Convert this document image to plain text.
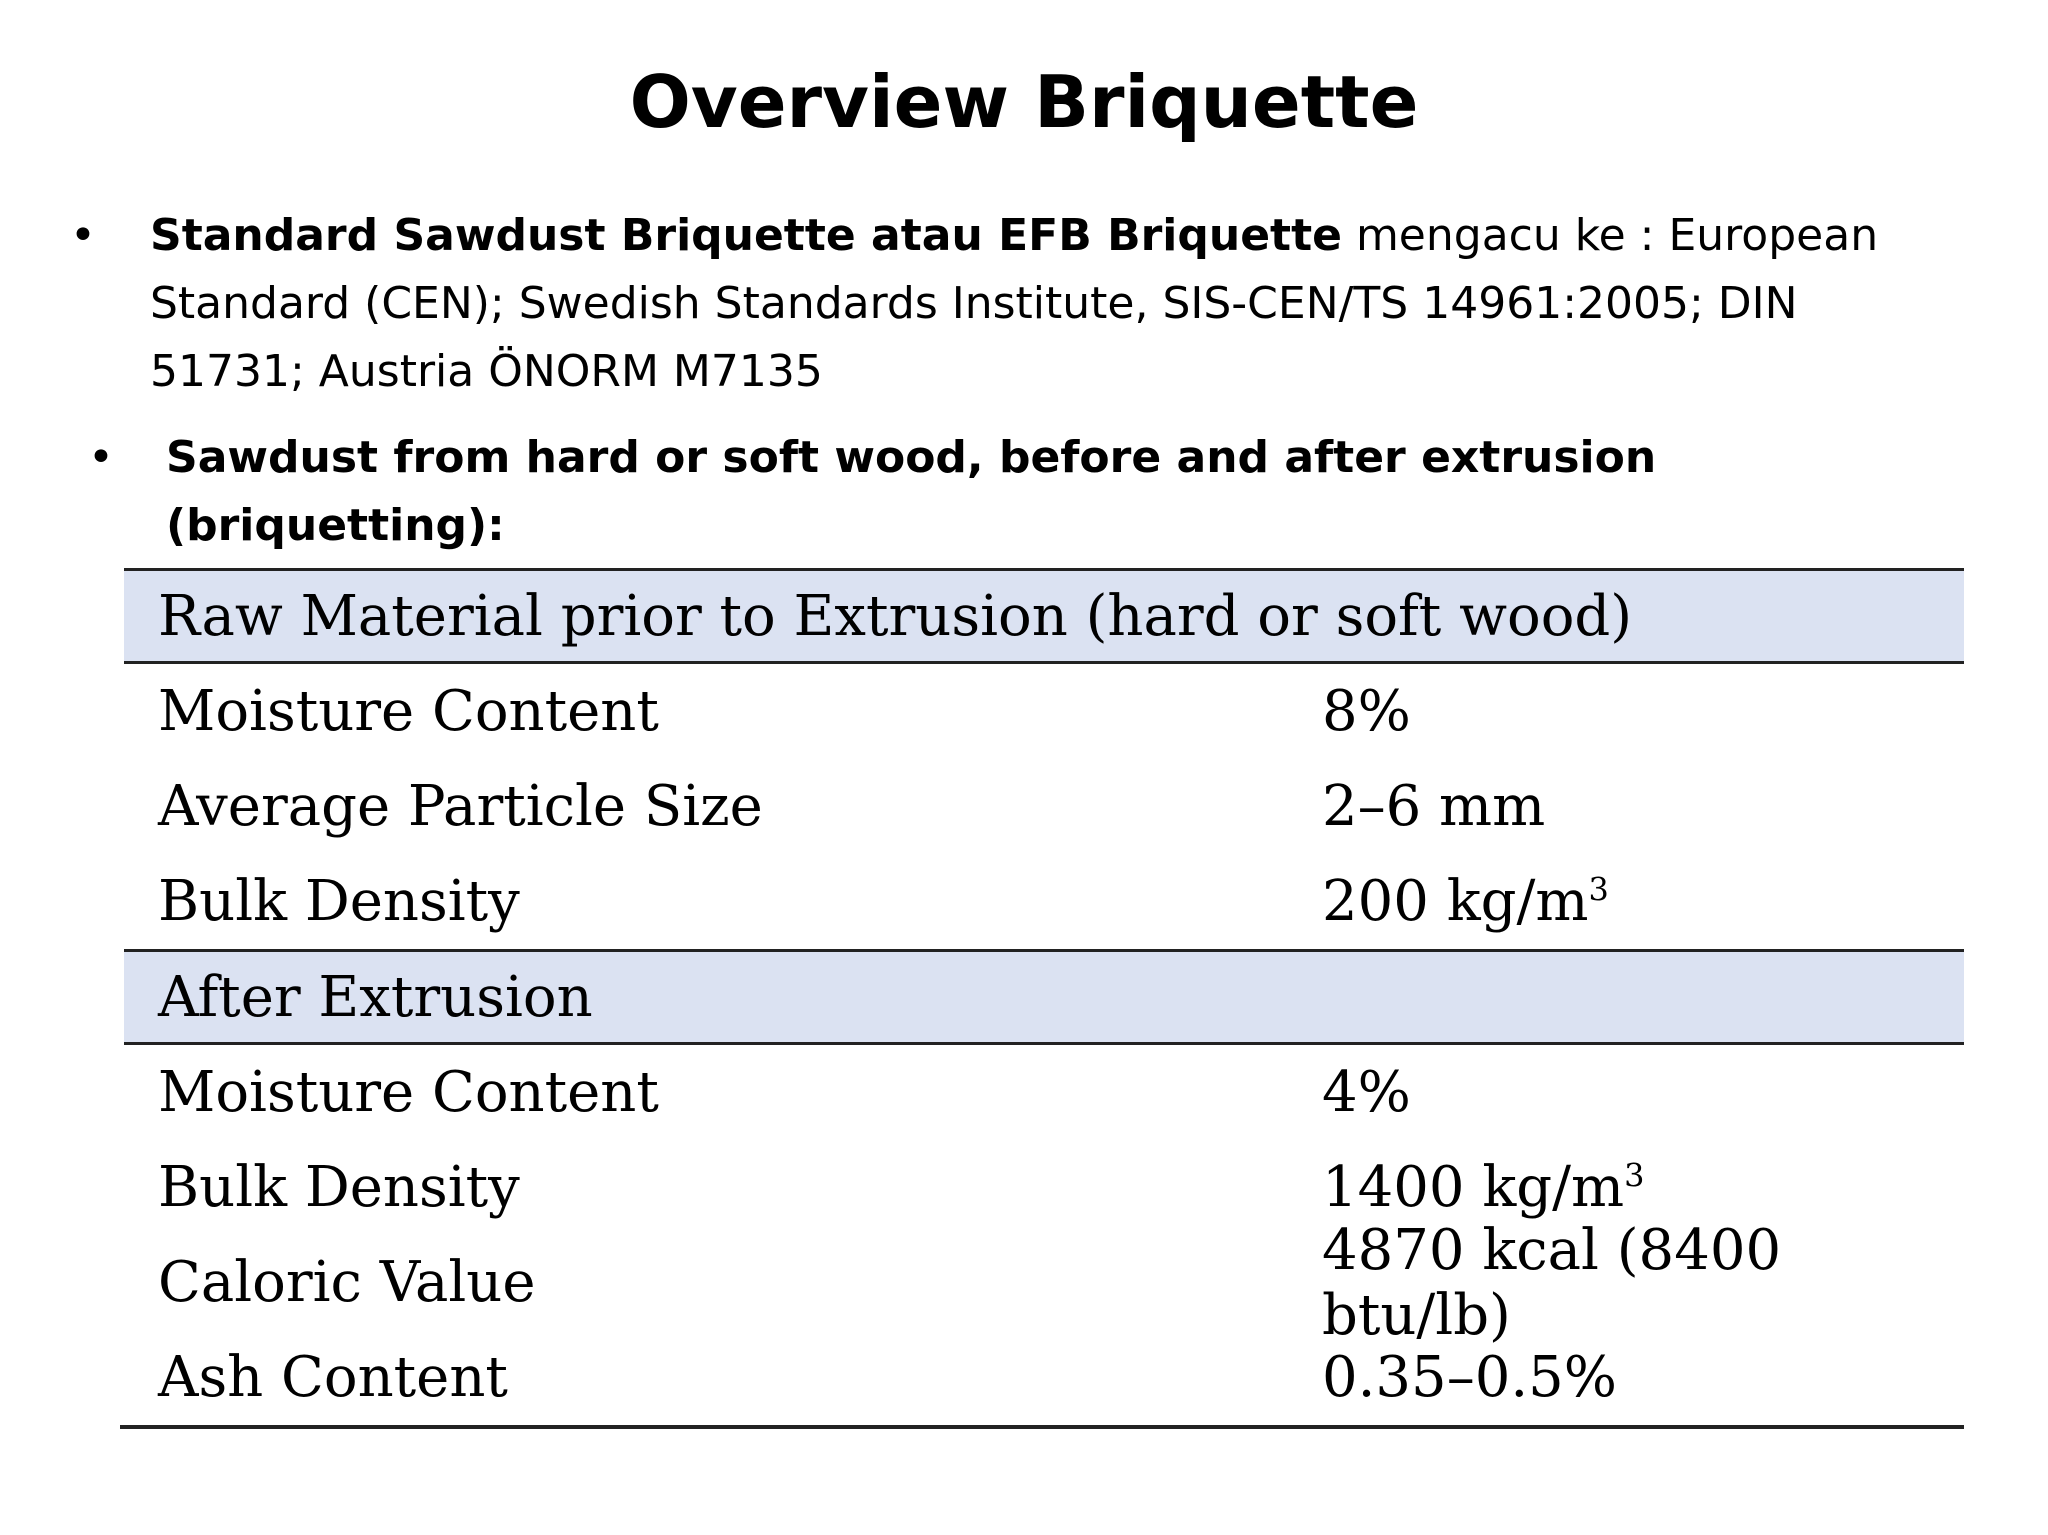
Overview Briquette
• Standard Sawdust Briquette atau EFB Briquette mengacu ke : European Standard (CEN); Swedish Standards Institute, SIS-CEN/TS 14961:2005; DIN 51731; Austria ÖNORM M7135
• Sawdust from hard or soft wood, before and after extrusion (briquetting):
Raw Material prior to Extrusion (hard or soft wood)
Moisture Content	8%
Average Particle Size	2–6 mm
Bulk Density	200 $kg/m^3$
After Extrusion
Moisture Content	4%
Bulk Density	1400 $kg/m^3$
Caloric Value	4870 kcal (8400 btu/lb)
Ash Content	0.35–0.5%
